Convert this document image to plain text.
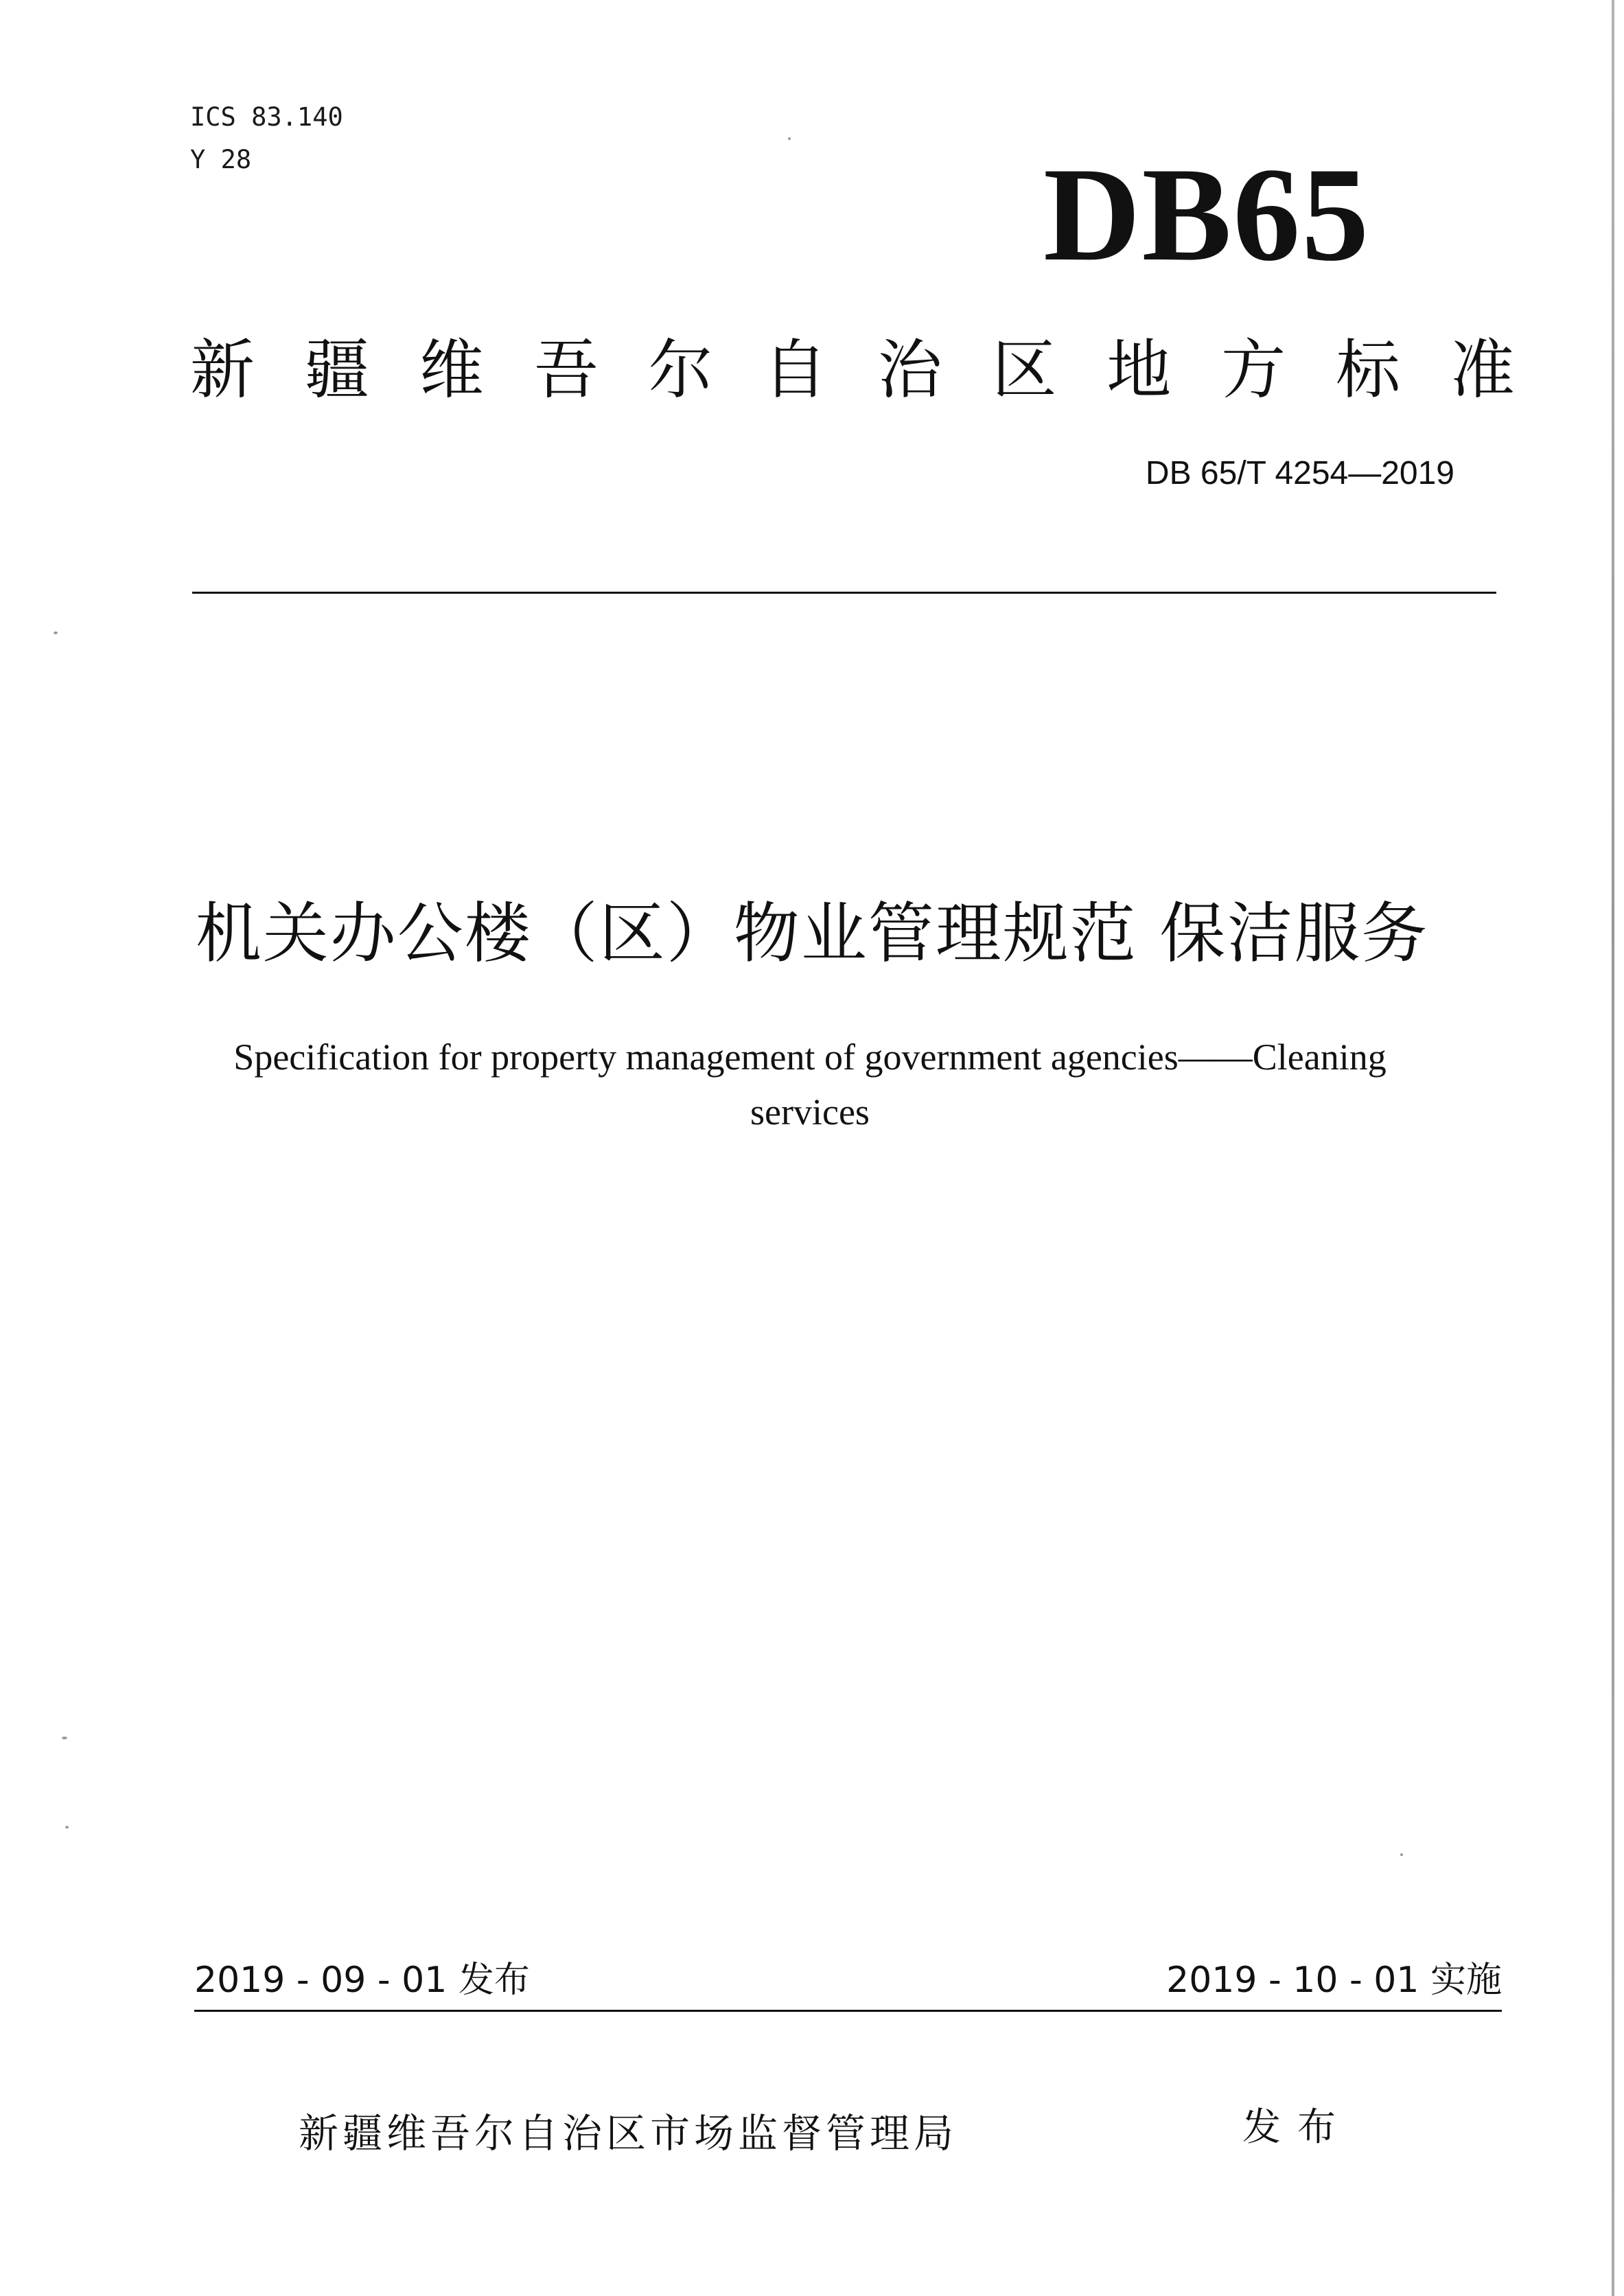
ICS 83.140
Y 28	DB65
新 疆 维 吾 尔 自 治 区 地 方 标 准
DB 65/T 4254—2019
机关办公楼（区）物业管理规范 保洁服务
Specification for property management of government agencies——Cleaning services
2019 - 09 - 01 发布	2019 - 10 - 01 实施
新疆维吾尔自治区市场监督管理局	发布
